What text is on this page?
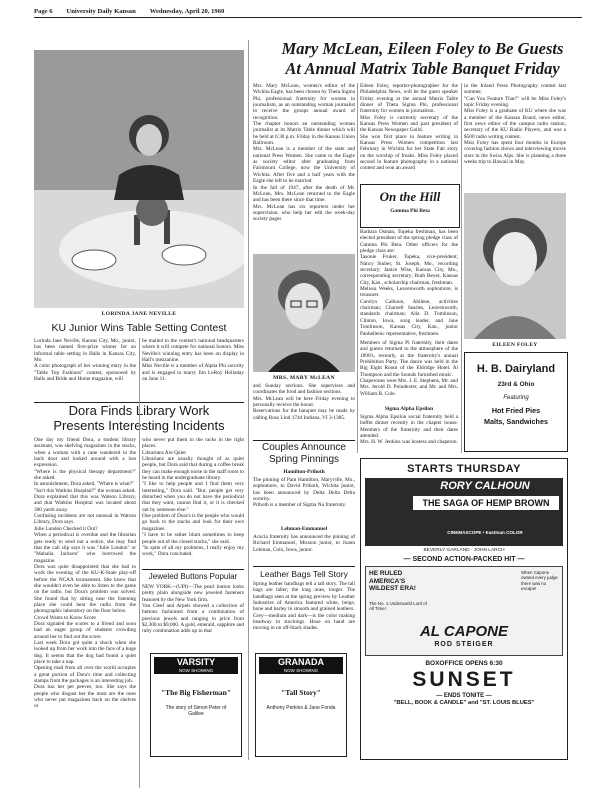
Page 6 University Daily Kansan Wednesday, April 20, 1960
LORINDA JANE NEVILLE
KU Junior Wins Table Setting Contest
Lorinda Jane Neville, Kansas City, Mo., junior, has been named first-prize winner for an informal table setting in Halls in Kansas City, Mo.
A color photograph of her winning entry in the "Table Top Fashions" contest, sponsored by Halls and Bride and Home magazine, will
be mailed to the contest's national headquarters where it will compete for national honors. Miss Neville's winning entry has been on display in Hall's mezzanine.
Miss Neville is a member of Alpha Phi sorority and is engaged to marry Jim LeRoy Holladay on June 11.
Dora Finds Library Work
Presents Interesting Incidents
One day my friend Dora, a student library assistant, was shelving magazines in the stacks, when a woman with a cane wandered in the back door and looked around with a lost expression.
"Where is the physical therapy department?" she asked.
In astonishment, Dora asked, "Where is what?"
"Isn't this Watkins Hospital?" the woman asked.
Dora explained that this was Watson Library, and that Watkins Hospital was located about 300 yards away.
Confusing incidents are not unusual in Watson Library, Dora says.
Julie London Checked it Out?
When a periodical is overdue and the librarian gets ready to send out a notice, she may find that the call slip says it was "Julie London" or "Mahalia Jackson" who borrowed the magazine.
Dora was quite disappointed that she had to work the evening of the KU-K-State play-off before the NCAA tournament. She knew that she wouldn't even be able to listen to the game on the radio, but Dora's problem was solved. She found that by sitting near the listening place she could hear the radio from the photographic laboratory on the floor below.
Crowd Wants to Know Score
Dora signaled the scores to a friend and soon had an eager group of students crowding around her to find out the score.
Last week Dora got quite a shock when she looked up from her work into the face of a huge dog. It seems that the dog had found a quiet place to take a nap.
Opening mail from all over the world occupies a great portion of Dora's time and collecting stamps from the packages is an interesting job.
Dora has her pet peeves, too. She says the people who disgust her the most are the ones who never put magazines back on the shelves or
who never put them in the racks in the right places.
Librarians Are Quiet
Librarians are usually thought of as quiet people, but Dora said that during a coffee break they can make enough noise in the staff room to be heard in the undergraduate library.
"I like to help people and I find them very interesting," Dora said. "But, people get very disturbed when you do not have the periodical that they want, cannot find it, or it is checked out by someone else."
One problem of Dora's is the people who would go back to the stacks and look for their own magazines.
"I have to be rather blunt sometimes to keep people out of the closed stacks," she said.
"In spite of all my problems, I really enjoy my work," Dora concluded.
Jeweled Buttons Popular
NEW YORK—(UPI)—The pearl button looks pretty plain alongside new jeweled fasteners featured by the New York firm.
Van Cleef and Arpels showed a collection of buttons fashioned from a combination of precious jewels and ranging in price from $2,300 to $9,000. A gold, emerald, sapphire and ruby combination adds up to that
VARSITY
NOW SHOWING
"The Big Fisherman"
The story of Simon Peter of Galilee
GRANADA
NOW SHOWING
"Tall Story"
Anthony Perkins & Jane Fonda
Mary McLean, Eileen Foley to Be Guests
At Annual Matrix Table Banquet Friday
Mrs. Mary McLean, women's editor of the Wichita Eagle, has been chosen by Theta Sigma Phi, professional fraternity for women in journalism, as an outstanding woman journalist to receive the groups annual award of recognition.
The chapter honors an outstanding woman journalist at its Matrix Table dinner which will be held at 6:30 p.m. Friday in the Kansas Union Ballroom.
Mrs. McLean is a member of the state and national Press Women. She came to the Eagle as society editor after graduating from Fairmount College, now the University of Wichita. After five and a half years with the Eagle she left to be married.
In the fall of 1947, after the death of Mr. McLean, Mrs. McLean returned to the Eagle and has been there since that time.
Mrs. McLean has six reporters under her supervision, who help her edit the week-day society pages
MRS. MARY McLEAN
and Sunday sections. She supervises and coordinates the food and fashion sections.
Mrs. McLean will be here Friday evening to personally receive the honor.
Reservations for the banquet may be made by calling Ross Lind 1744 Indiana, VI 3-1385.
Eileen Foley, reporter-photographer for the Philadelphia News, will be the guest speaker Friday evening at the annual Matrix Table dinner of Theta Sigma Phi, professional fraternity for women in journalism.
Miss Foley is currently secretary of the Kansas Press Women and past president of the Kansas Newspaper Guild.
She won first place in feature writing in Kansas Press Women competition last February in Wichita for her State Fair story on the worship of freaks. Miss Foley placed second in feature photography in a national contest and won an award
in the Inland Press Photography contest last summer.
"Can You Feature That?" will be Miss Foley's topic Friday evening.
Miss Foley is a graduate of KU where she was a member of the Kansan Board, news editor, first news editor of the campus radio station, secretary of the KU Radio Players, and was a $500 radio writing contest.
Miss Foley has spent four months in Europe covering fashion shows and interviewing movie stars in the Swiss Alps. She is planning a three weeks trip to Hawaii in May.
On the Hill
Gamma Phi Beta
Barbara Osman, Topeka freshman, has been elected president of the spring pledge class of Gamma Phi Beta. Other officers for the pledge class are:
Tasonie Fruker, Topeka, vice-president; Nancy Stuber, St. Joseph, Mo., recording secretary; Janice Wise, Kansas City, Mo., corresponding secretary; Ruth Beyer, Kansas City, Kan., scholarship chairman, freshman.
Melissa Weeks, Leavenworth sophomore, is treasurer.
Carolyn Calhoun, Abilene, activities chairman; Charoell Searles, Leavenworth, standards chairman; Alla D. Tomlinson, Clinton, Iowa, song leader, and Jane Tomlinson, Kansas City, Kan., junior Panhellenic representative, freshmen.
Members of Sigma Pi fraternity, their dates and guests returned to the atmosphere of the 1890's, recently, at the fraternity's annual Prohibition Party. The dance was held in the Big Eight Room of the Eldridge Hotel. Al Thompson and the Sounds furnished music.
Chaperones were Mrs. J. E. Stephens, Mr. and Mrs. Jerold D. Poindexter, and Mr. and Mrs. William B. Cole.
Sigma Alpha Epsilon
Sigma Alpha Epsilon social fraternity held a buffet dinner recently in the chapter house. Members of the fraternity and their dates attended.
Mrs. H. W. Jenkins was hostess and chaperon.
EILEEN FOLEY
H. B. Dairyland
23rd & Ohio
Featuring
Hot Fried Pies
Malts, Sandwiches
Couples Announce
Spring Pinnings
Hamilton-Prihoth
The pinning of Pam Hamilton, Maryville, Mo., sophomore, to David Prihoth, Wichita junior, has been announced by Delta Delta Delta sorority.
Prihoth is a member of Sigma Nu fraternity.
Lehman-Emmanuel
Acacia fraternity has announced the pinning of Richard Emmanuel, Mission junior, to Joann Lehman, Colo, Iowa, junior.
Leather Bags Tell Story
Spring leather handbags tell a tall story. The tall bags are taller; the long ones, longer. The handbags seen at the spring preview by Leather Industries of America featured white, beige, bone and barley in smooth and grained leathers.
Grey—medium and dark—is the color making headway in stockings. Hose on hand are moving in on off-black shades.
STARTS THURSDAY
RORY CALHOUN
THE SAGA OF HEMP BROWN
CINEMASCOPE • Eastman COLOR
BEVERLY GARLAND · JOHN LARCH
— SECOND ACTION-PACKED HIT —
HE RULED AMERICA'S WILDEST ERA!
The No. 1 Underworld Lord of All Time!
When Capone owned every judge there was no escape!
AL CAPONE
ROD STEIGER
BOXOFFICE OPENS 6:30
SUNSET
— ENDS TONITE —
"BELL, BOOK & CANDLE" and "ST. LOUIS BLUES"
